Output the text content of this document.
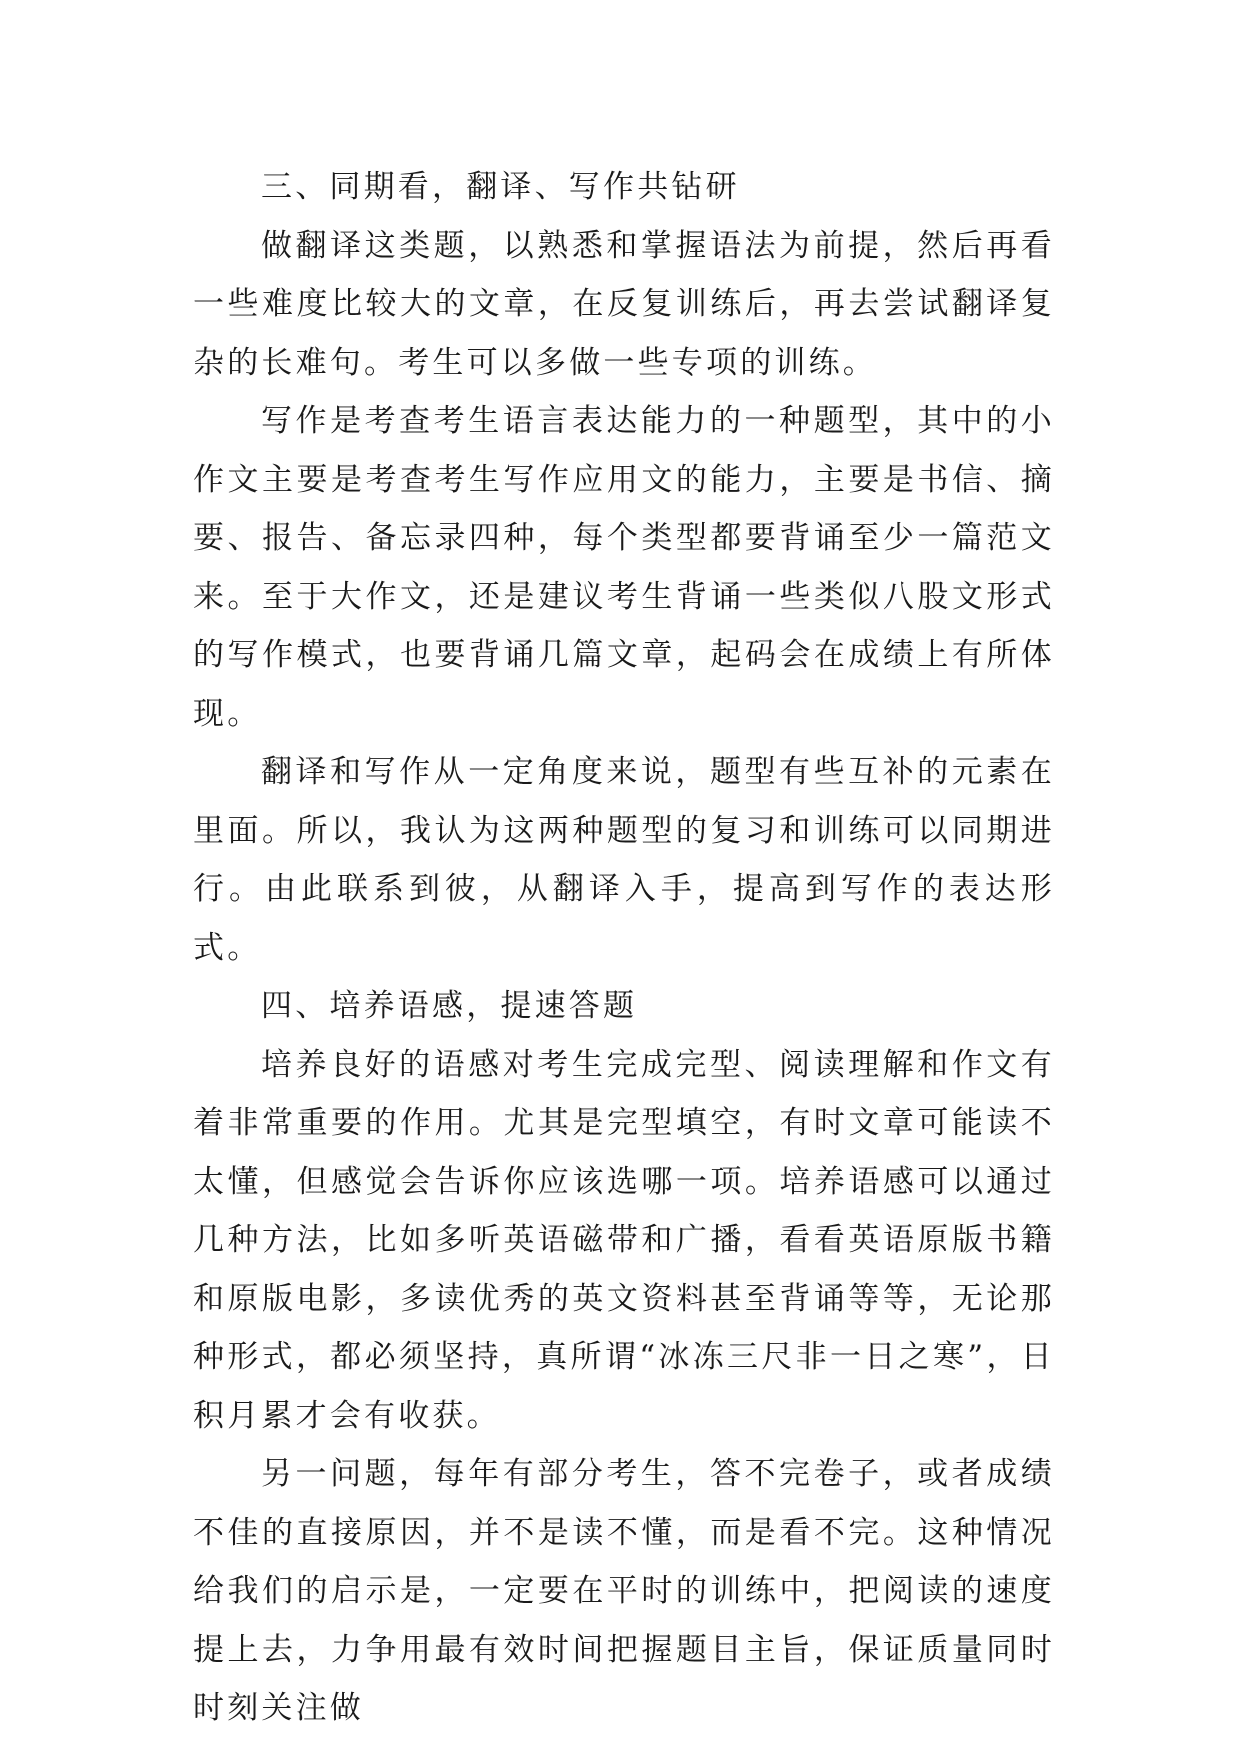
三、同期看，翻译、写作共钻研

做翻译这类题，以熟悉和掌握语法为前提，然后再看一些难度比较大的文章，在反复训练后，再去尝试翻译复杂的长难句。考生可以多做一些专项的训练。

写作是考查考生语言表达能力的一种题型，其中的小作文主要是考查考生写作应用文的能力，主要是书信、摘要、报告、备忘录四种，每个类型都要背诵至少一篇范文来。至于大作文，还是建议考生背诵一些类似八股文形式的写作模式，也要背诵几篇文章，起码会在成绩上有所体现。

翻译和写作从一定角度来说，题型有些互补的元素在里面。所以，我认为这两种题型的复习和训练可以同期进行。由此联系到彼，从翻译入手，提高到写作的表达形式。

四、培养语感，提速答题

培养良好的语感对考生完成完型、阅读理解和作文有着非常重要的作用。尤其是完型填空，有时文章可能读不太懂，但感觉会告诉你应该选哪一项。培养语感可以通过几种方法，比如多听英语磁带和广播，看看英语原版书籍和原版电影，多读优秀的英文资料甚至背诵等等，无论那种形式，都必须坚持，真所谓“冰冻三尺非一日之寒”，日积月累才会有收获。

另一问题，每年有部分考生，答不完卷子，或者成绩不佳的直接原因，并不是读不懂，而是看不完。这种情况给我们的启示是，一定要在平时的训练中，把阅读的速度提上去，力争用最有效时间把握题目主旨，保证质量同时时刻关注做
